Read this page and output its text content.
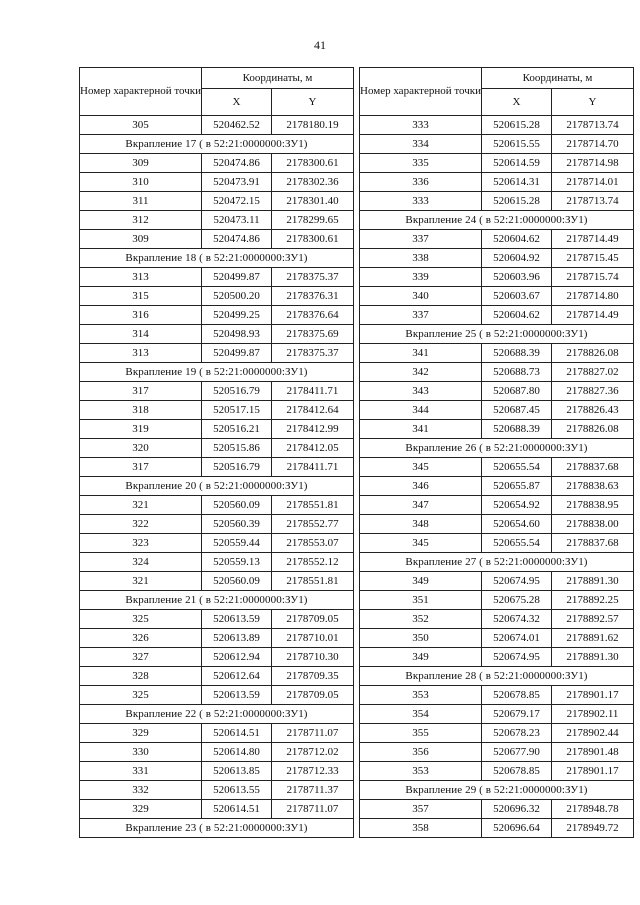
41
Номер характерной точки	Координаты, м	
	X	Y
305	520462.52	2178180.19
Вкрапление 17 ( в 52:21:0000000:ЗУ1)		
309	520474.86	2178300.61
310	520473.91	2178302.36
311	520472.15	2178301.40
312	520473.11	2178299.65
309	520474.86	2178300.61
Вкрапление 18 ( в 52:21:0000000:ЗУ1)		
313	520499.87	2178375.37
315	520500.20	2178376.31
316	520499.25	2178376.64
314	520498.93	2178375.69
313	520499.87	2178375.37
Вкрапление 19 ( в 52:21:0000000:ЗУ1)		
317	520516.79	2178411.71
318	520517.15	2178412.64
319	520516.21	2178412.99
320	520515.86	2178412.05
317	520516.79	2178411.71
Вкрапление 20 ( в 52:21:0000000:ЗУ1)		
321	520560.09	2178551.81
322	520560.39	2178552.77
323	520559.44	2178553.07
324	520559.13	2178552.12
321	520560.09	2178551.81
Вкрапление 21 ( в 52:21:0000000:ЗУ1)		
325	520613.59	2178709.05
326	520613.89	2178710.01
327	520612.94	2178710.30
328	520612.64	2178709.35
325	520613.59	2178709.05
Вкрапление 22 ( в 52:21:0000000:ЗУ1)		
329	520614.51	2178711.07
330	520614.80	2178712.02
331	520613.85	2178712.33
332	520613.55	2178711.37
329	520614.51	2178711.07
Вкрапление 23 ( в 52:21:0000000:ЗУ1)		
Номер характерной точки	Координаты, м	
	X	Y
333	520615.28	2178713.74
334	520615.55	2178714.70
335	520614.59	2178714.98
336	520614.31	2178714.01
333	520615.28	2178713.74
Вкрапление 24 ( в 52:21:0000000:ЗУ1)		
337	520604.62	2178714.49
338	520604.92	2178715.45
339	520603.96	2178715.74
340	520603.67	2178714.80
337	520604.62	2178714.49
Вкрапление 25 ( в 52:21:0000000:ЗУ1)		
341	520688.39	2178826.08
342	520688.73	2178827.02
343	520687.80	2178827.36
344	520687.45	2178826.43
341	520688.39	2178826.08
Вкрапление 26 ( в 52:21:0000000:ЗУ1)		
345	520655.54	2178837.68
346	520655.87	2178838.63
347	520654.92	2178838.95
348	520654.60	2178838.00
345	520655.54	2178837.68
Вкрапление 27 ( в 52:21:0000000:ЗУ1)		
349	520674.95	2178891.30
351	520675.28	2178892.25
352	520674.32	2178892.57
350	520674.01	2178891.62
349	520674.95	2178891.30
Вкрапление 28 ( в 52:21:0000000:ЗУ1)		
353	520678.85	2178901.17
354	520679.17	2178902.11
355	520678.23	2178902.44
356	520677.90	2178901.48
353	520678.85	2178901.17
Вкрапление 29 ( в 52:21:0000000:ЗУ1)		
357	520696.32	2178948.78
358	520696.64	2178949.72
